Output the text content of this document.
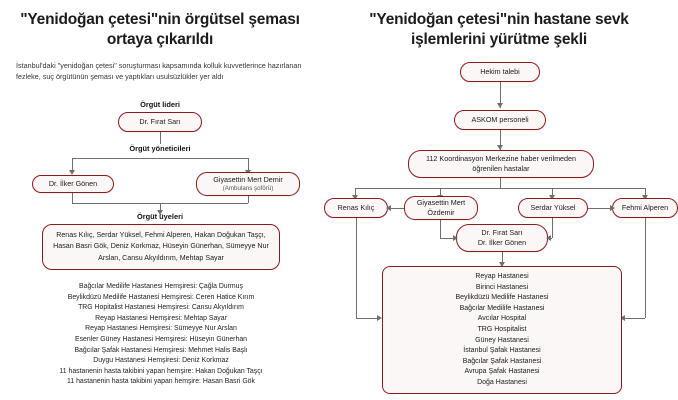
"Yenidoğan çetesi"nin örgütsel şeması ortaya çıkarıldı
İstanbul'daki "yenidoğan çetesi" soruşturması kapsamında kolluk kuvvetlerince hazırlanan fezleke, suç örgütünün şeması ve yaptıkları usulsüzlükler yer aldı
Örgüt lideri
Dr. Fırat Sarı
Örgüt yöneticileri
Dr. İlker Gönen	Giyasettin Mert Demir
(Ambulans şoförü)
Örgüt üyeleri
Renas Kılıç, Serdar Yüksel, Fehmi Alperen, Hakan Doğukan Taşçı, Hasan Basri Gök, Deniz Korkmaz, Hüseyin Günerhan, Sümeyye Nur Arslan, Cansu Akyıldırım, Mehtap Sayar
Bağcılar Medilife Hastanesi Hemşiresi: Çağla Durmuş
Beylikdüzü Medilife Hastanesi Hemşiresi: Ceren Hatice Kırım
TRG Hopitalist Hastanesi Hemşiresi: Cansu Akyıldırım
Reyap Hastanesi Hemşiresi: Mehtap Sayar
Reyap Hastanesi Hemşiresi: Sümeyye Nur Arslan
Esenler Güney Hastanesi Hemşiresi: Hüseyin Günerhan
Bağcılar Şafak Hastanesi Hemşiresi: Mehmet Halis Başlı
Duygu Hastanesi Hemşiresi: Deniz Korkmaz
11 hastanenin hasta takibini yapan hemşire: Hakan Doğukan Taşçı
11 hastanenin hasta takibini yapan hemşire: Hasan Basri Gök
"Yenidoğan çetesi"nin hastane sevk işlemlerini yürütme şekli
Hekim talebi
ASKOM personeli
112 Koordinasyon Merkezine haber verilmeden öğrenilen hastalar
Renas Kılıç
Giyasettin Mert Özdemir
Serdar Yüksel	Fehmi Alperen
Dr. Fırat Sarı
Dr. İlker Gönen
Reyap Hastanesi
Birinci Hastanesi
Beylikdüzü Medilife Hastanesi
Bağcılar Medilife Hastanesi
Avcılar Hospital
TRG Hospitalist
Güney Hastanesi
İstanbul Şafak Hastanesi
Bağcılar Şafak Hastanesi
Avrupa Şafak Hastanesi
Doğa Hastanesi
